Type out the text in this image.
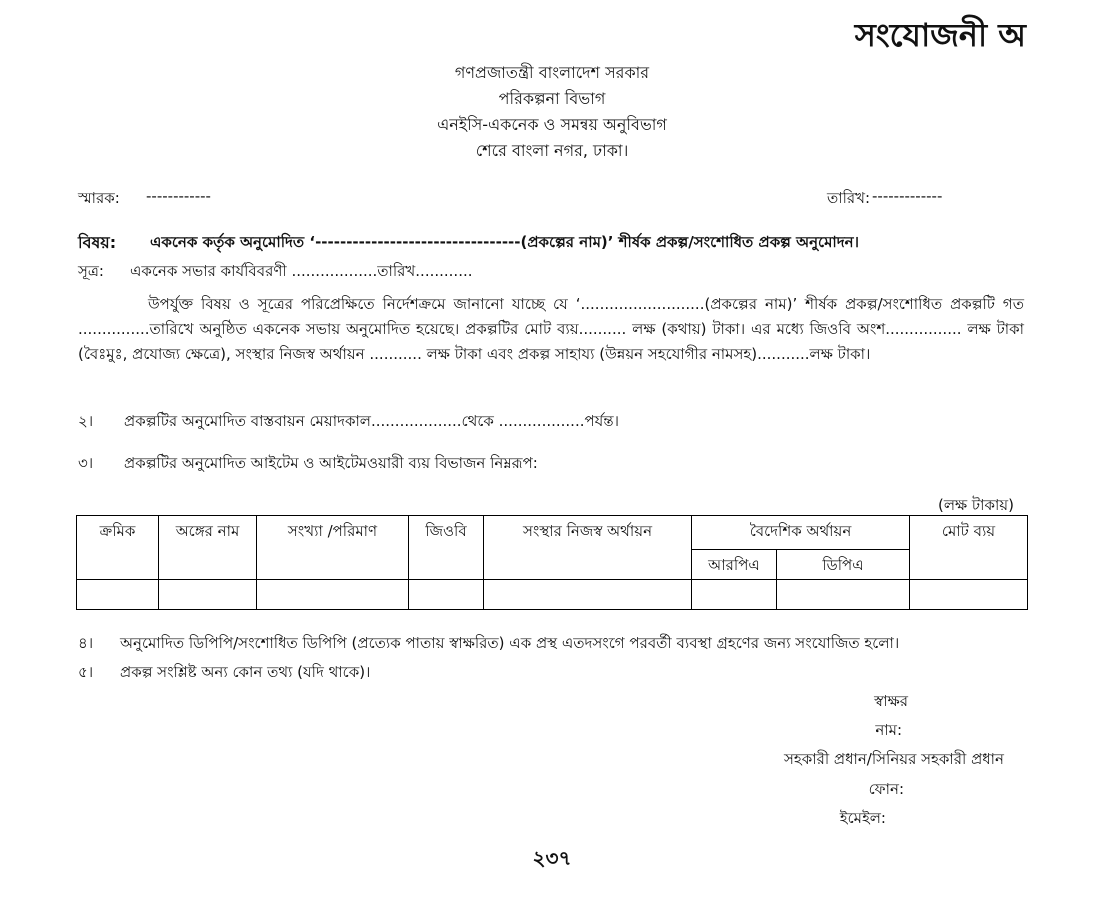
সংযোজনী অ
গণপ্রজাতন্ত্রী বাংলাদেশ সরকার
পরিকল্পনা বিভাগ
এনইসি-একনেক ও সমন্বয় অনুবিভাগ
শেরে বাংলা নগর, ঢাকা।
স্মারক: ------------	তারিখ: -------------
বিষয়: একনেক কর্তৃক অনুমোদিত ‘---------------------------------(প্রকল্পের নাম)’ শীর্ষক প্রকল্প/সংশোধিত প্রকল্প অনুমোদন।
সূত্র: একনেক সভার কার্যবিবরণী ..................তারিখ............
উপর্যুক্ত বিষয় ও সূত্রের পরিপ্রেক্ষিতে নির্দেশক্রমে জানানো যাচ্ছে যে ‘..........................(প্রকল্পের নাম)’ শীর্ষক প্রকল্প/সংশোধিত প্রকল্পটি গত ...............তারিখে অনুষ্ঠিত একনেক সভায় অনুমোদিত হয়েছে। প্রকল্পটির মোট ব্যয়.......... লক্ষ (কথায়) টাকা। এর মধ্যে জিওবি অংশ................ লক্ষ টাকা (বৈঃমুঃ, প্রযোজ্য ক্ষেত্রে), সংস্থার নিজস্ব অর্থায়ন ........... লক্ষ টাকা এবং প্রকল্প সাহায্য (উন্নয়ন সহযোগীর নামসহ)...........লক্ষ টাকা।
২। প্রকল্পটির অনুমোদিত বাস্তবায়ন মেয়াদকাল...................থেকে ..................পর্যন্ত।
৩। প্রকল্পটির অনুমোদিত আইটেম ও আইটেমওয়ারী ব্যয় বিভাজন নিম্নরূপ:
(লক্ষ টাকায়)
ক্রমিক	অঙ্গের নাম	সংখ্যা /পরিমাণ	জিওবি	সংস্থার নিজস্ব অর্থায়ন	বৈদেশিক অর্থায়ন		মোট ব্যয়
					আরপিএ	ডিপিএ	

৪। অনুমোদিত ডিপিপি/সংশোধিত ডিপিপি (প্রত্যেক পাতায় স্বাক্ষরিত) এক প্রস্থ এতদসংগে পরবর্তী ব্যবস্থা গ্রহণের জন্য সংযোজিত হলো।
৫। প্রকল্প সংশ্লিষ্ট অন্য কোন তথ্য (যদি থাকে)।
স্বাক্ষর
নাম:
সহকারী প্রধান/সিনিয়র সহকারী প্রধান
ফোন:
ইমেইল:
২৩৭
